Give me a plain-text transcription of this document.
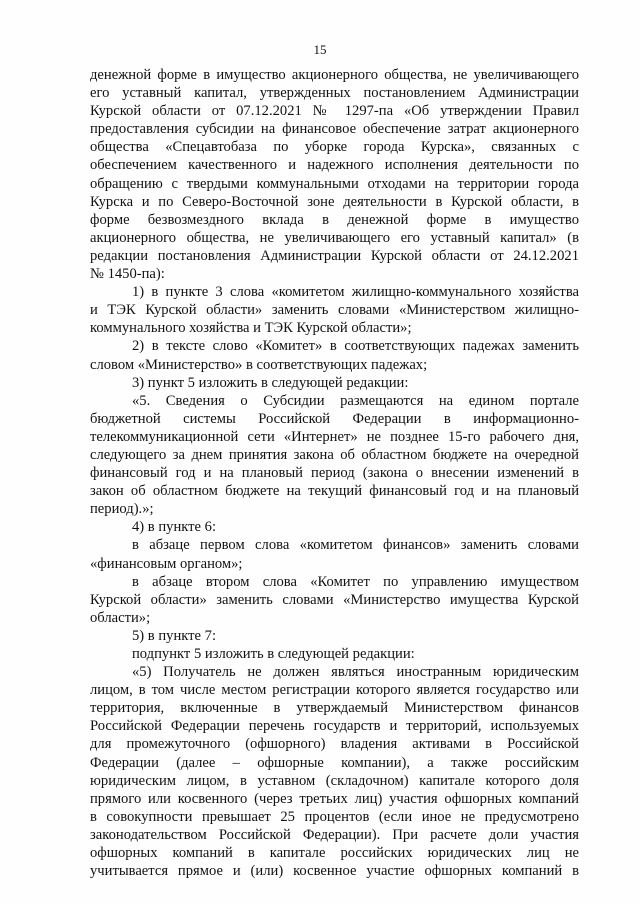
15
денежной форме в имущество акционерного общества, не увеличивающего
его уставный капитал, утвержденных постановлением Администрации
Курской области от 07.12.2021 № 1297-па «Об утверждении Правил
предоставления субсидии на финансовое обеспечение затрат акционерного
общества «Спецавтобаза по уборке города Курска», связанных с
обеспечением качественного и надежного исполнения деятельности по
обращению с твердыми коммунальными отходами на территории города
Курска и по Северо-Восточной зоне деятельности в Курской области, в
форме безвозмездного вклада в денежной форме в имущество
акционерного общества, не увеличивающего его уставный капитал» (в
редакции постановления Администрации Курской области от 24.12.2021
№ 1450-па):
1) в пункте 3 слова «комитетом жилищно-коммунального хозяйства
и ТЭК Курской области» заменить словами «Министерством жилищно-
коммунального хозяйства и ТЭК Курской области»;
2) в тексте слово «Комитет» в соответствующих падежах заменить
словом «Министерство» в соответствующих падежах;
3) пункт 5 изложить в следующей редакции:
«5. Сведения о Субсидии размещаются на едином портале
бюджетной системы Российской Федерации в информационно-
телекоммуникационной сети «Интернет» не позднее 15-го рабочего дня,
следующего за днем принятия закона об областном бюджете на очередной
финансовый год и на плановый период (закона о внесении изменений в
закон об областном бюджете на текущий финансовый год и на плановый
период).»;
4) в пункте 6:
в абзаце первом слова «комитетом финансов» заменить словами
«финансовым органом»;
в абзаце втором слова «Комитет по управлению имуществом
Курской области» заменить словами «Министерство имущества Курской
области»;
5) в пункте 7:
подпункт 5 изложить в следующей редакции:
«5) Получатель не должен являться иностранным юридическим
лицом, в том числе местом регистрации которого является государство или
территория, включенные в утверждаемый Министерством финансов
Российской Федерации перечень государств и территорий, используемых
для промежуточного (офшорного) владения активами в Российской
Федерации (далее – офшорные компании), а также российским
юридическим лицом, в уставном (складочном) капитале которого доля
прямого или косвенного (через третьих лиц) участия офшорных компаний
в совокупности превышает 25 процентов (если иное не предусмотрено
законодательством Российской Федерации). При расчете доли участия
офшорных компаний в капитале российских юридических лиц не
учитывается прямое и (или) косвенное участие офшорных компаний в
